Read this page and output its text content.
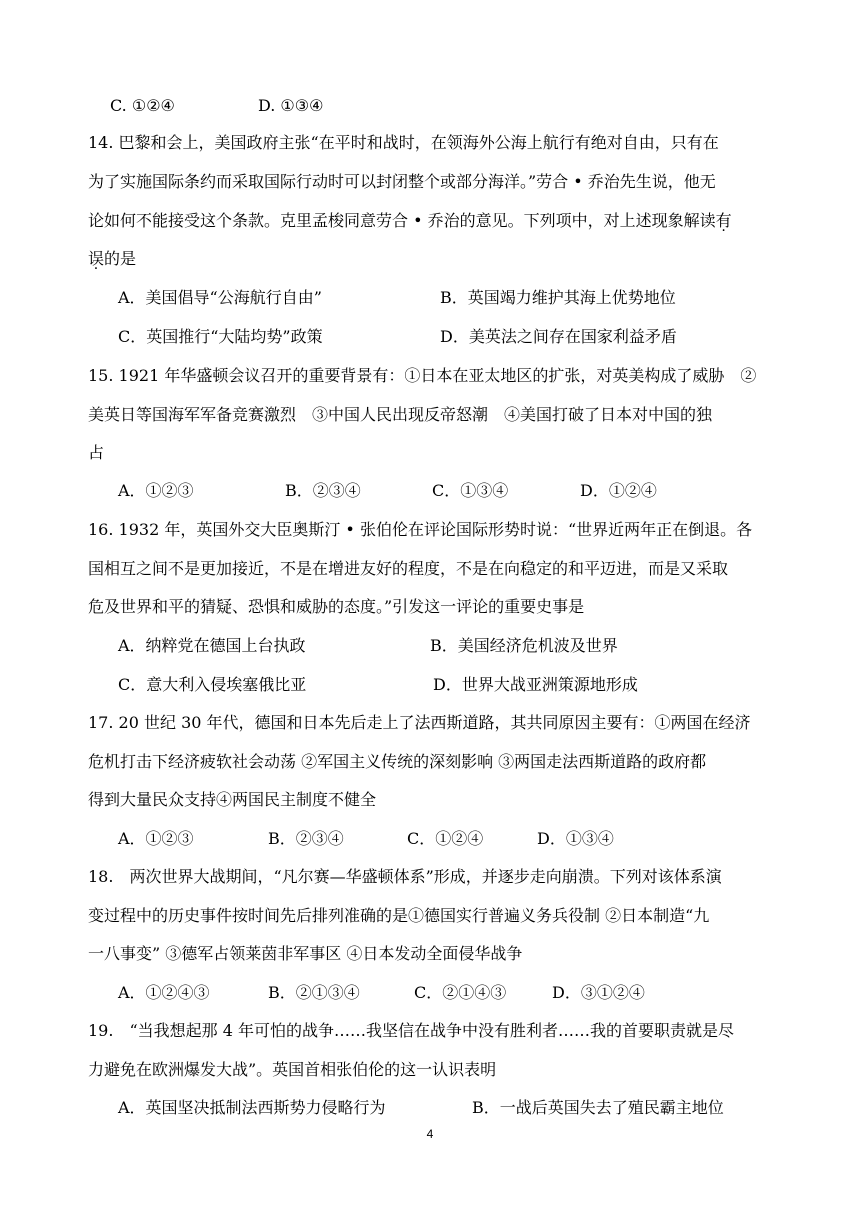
C. ①②④	D. ①③④
14. 巴黎和会上，美国政府主张“在平时和战时，在领海外公海上航行有绝对自由，只有在
为了实施国际条约而采取国际行动时可以封闭整个或部分海洋。”劳合 • 乔治先生说，他无
论如何不能接受这个条款。克里孟梭同意劳合 • 乔治的意见。下列项中，对上述现象解读有
误的是
A．美国倡导“公海航行自由”	B．英国竭力维护其海上优势地位
C．英国推行“大陆均势”政策	D．美英法之间存在国家利益矛盾
15. 1921 年华盛顿会议召开的重要背景有：①日本在亚太地区的扩张，对英美构成了威胁　②
美英日等国海军军备竞赛激烈　③中国人民出现反帝怒潮　④美国打破了日本对中国的独
占
A．①②③	B．②③④	C．①③④	D．①②④
16. 1932 年，英国外交大臣奥斯汀 • 张伯伦在评论国际形势时说：“世界近两年正在倒退。各
国相互之间不是更加接近，不是在增进友好的程度，不是在向稳定的和平迈进，而是又采取
危及世界和平的猜疑、恐惧和威胁的态度。”引发这一评论的重要史事是
A．纳粹党在德国上台执政	B．美国经济危机波及世界
C．意大利入侵埃塞俄比亚	D．世界大战亚洲策源地形成
17. 20 世纪 30 年代，德国和日本先后走上了法西斯道路，其共同原因主要有：①两国在经济
危机打击下经济疲软社会动荡 ②军国主义传统的深刻影响 ③两国走法西斯道路的政府都
得到大量民众支持④两国民主制度不健全
A．①②③	B．②③④	C．①②④	D．①③④
18.　两次世界大战期间，“凡尔赛—华盛顿体系”形成，并逐步走向崩溃。下列对该体系演
变过程中的历史事件按时间先后排列准确的是①德国实行普遍义务兵役制 ②日本制造“九
一八事变” ③德军占领莱茵非军事区 ④日本发动全面侵华战争
A．①②④③	B．②①③④	C．②①④③	D．③①②④
19.　“当我想起那 4 年可怕的战争……我坚信在战争中没有胜利者……我的首要职责就是尽
力避免在欧洲爆发大战”。英国首相张伯伦的这一认识表明
A．英国坚决抵制法西斯势力侵略行为	B．一战后英国失去了殖民霸主地位
4
